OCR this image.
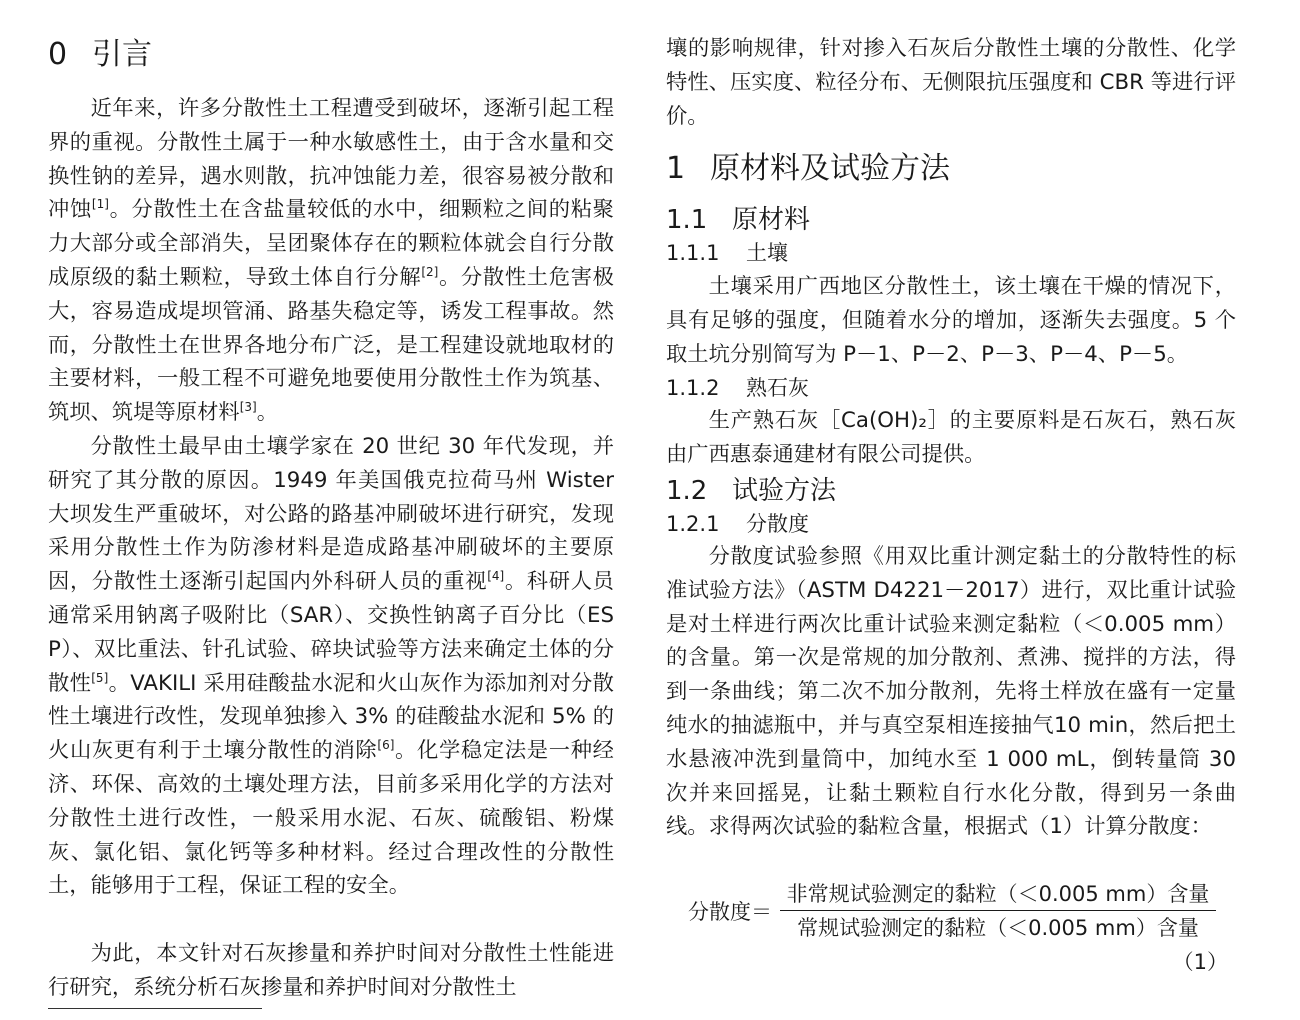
0 引言

近年来，许多分散性土工程遭受到破坏，逐渐引起工程界的重视。分散性土属于一种水敏感性土，由于含水量和交换性钠的差异，遇水则散，抗冲蚀能力差，很容易被分散和冲蚀[1]。分散性土在含盐量较低的水中，细颗粒之间的粘聚力大部分或全部消失，呈团聚体存在的颗粒体就会自行分散成原级的黏土颗粒，导致土体自行分解[2]。分散性土危害极大，容易造成堤坝管涌、路基失稳定等，诱发工程事故。然而，分散性土在世界各地分布广泛，是工程建设就地取材的主要材料，一般工程不可避免地要使用分散性土作为筑基、筑坝、筑堤等原材料[3]。

分散性土最早由土壤学家在 20 世纪 30 年代发现，并研究了其分散的原因。1949 年美国俄克拉荷马州 Wister 大坝发生严重破坏，对公路的路基冲刷破坏进行研究，发现采用分散性土作为防渗材料是造成路基冲刷破坏的主要原因，分散性土逐渐引起国内外科研人员的重视[4]。科研人员通常采用钠离子吸附比（SAR）、交换性钠离子百分比（ESP）、双比重法、针孔试验、碎块试验等方法来确定土体的分散性[5]。VAKILI 采用硅酸盐水泥和火山灰作为添加剂对分散性土壤进行改性，发现单独掺入 3% 的硅酸盐水泥和 5% 的火山灰更有利于土壤分散性的消除[6]。化学稳定法是一种经济、环保、高效的土壤处理方法，目前多采用化学的方法对分散性土进行改性，一般采用水泥、石灰、硫酸铝、粉煤灰、氯化铝、氯化钙等多种材料。经过合理改性的分散性土，能够用于工程，保证工程的安全。

为此，本文针对石灰掺量和养护时间对分散性土性能进行研究，系统分析石灰掺量和养护时间对分散性土

壤的影响规律，针对掺入石灰后分散性土壤的分散性、化学特性、压实度、粒径分布、无侧限抗压强度和 CBR 等进行评价。

1 原材料及试验方法
1.1 原材料
1.1.1 土壤

土壤采用广西地区分散性土，该土壤在干燥的情况下，具有足够的强度，但随着水分的增加，逐渐失去强度。5 个取土坑分别简写为 P－1、P－2、P－3、P－4、P－5。

1.1.2 熟石灰

生产熟石灰［Ca(OH)₂］的主要原料是石灰石，熟石灰由广西惠泰通建材有限公司提供。

1.2 试验方法
1.2.1 分散度

分散度试验参照《用双比重计测定黏土的分散特性的标准试验方法》（ASTM D4221－2017）进行，双比重计试验是对土样进行两次比重计试验来测定黏粒（＜0.005 mm）的含量。第一次是常规的加分散剂、煮沸、搅拌的方法，得到一条曲线；第二次不加分散剂，先将土样放在盛有一定量纯水的抽滤瓶中，并与真空泵相连接抽气10 min，然后把土水悬液冲洗到量筒中，加纯水至 1 000 mL，倒转量筒 30 次并来回摇晃，让黏土颗粒自行水化分散，得到另一条曲线。求得两次试验的黏粒含量，根据式（1）计算分散度：

分散度＝
非常规试验测定的黏粒（＜0.005 mm）含量
常规试验测定的黏粒（＜0.005 mm）含量
（1）
